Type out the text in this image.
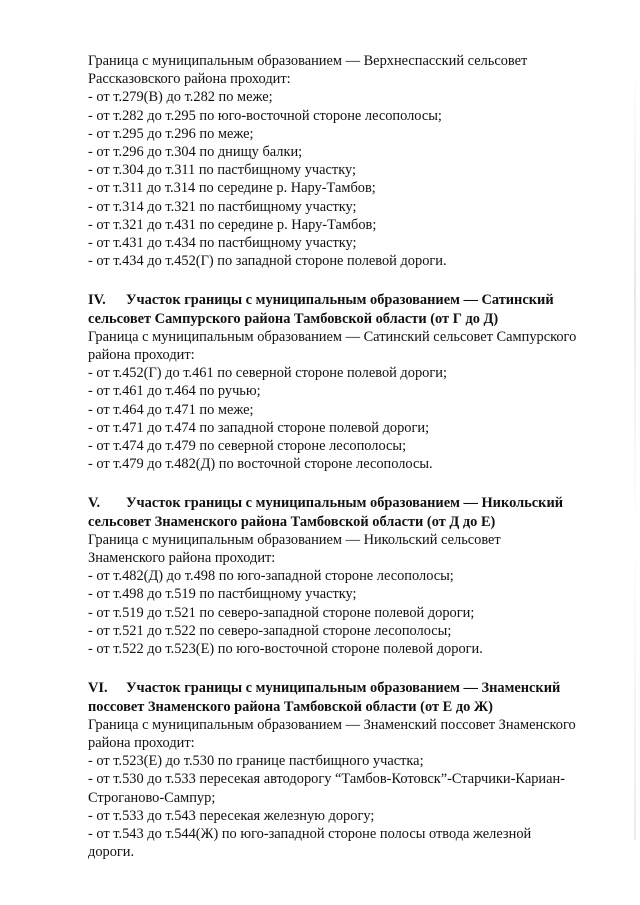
Граница с муниципальным образованием — Верхнеспасский сельсовет
Рассказовского района проходит:
- от т.279(В) до т.282 по меже;
- от т.282 до т.295 по юго-восточной стороне лесополосы;
- от т.295 до т.296 по меже;
- от т.296 до т.304 по днищу балки;
- от т.304 до т.311 по пастбищному участку;
- от т.311 до т.314 по середине р. Нару-Тамбов;
- от т.314 до т.321 по пастбищному участку;
- от т.321 до т.431 по середине р. Нару-Тамбов;
- от т.431 до т.434 по пастбищному участку;
- от т.434 до т.452(Г) по западной стороне полевой дороги.
IV. Участок границы с муниципальным образованием — Сатинский
сельсовет Сампурского района Тамбовской области (от Г до Д)
Граница с муниципальным образованием — Сатинский сельсовет Сампурского
района проходит:
- от т.452(Г) до т.461 по северной стороне полевой дороги;
- от т.461 до т.464 по ручью;
- от т.464 до т.471 по меже;
- от т.471 до т.474 по западной стороне полевой дороги;
- от т.474 до т.479 по северной стороне лесополосы;
- от т.479 до т.482(Д) по восточной стороне лесополосы.
V. Участок границы с муниципальным образованием — Никольский
сельсовет Знаменского района Тамбовской области (от Д до Е)
Граница с муниципальным образованием — Никольский сельсовет
Знаменского района проходит:
- от т.482(Д) до т.498 по юго-западной стороне лесополосы;
- от т.498 до т.519 по пастбищному участку;
- от т.519 до т.521 по северо-западной стороне полевой дороги;
- от т.521 до т.522 по северо-западной стороне лесополосы;
- от т.522 до т.523(Е) по юго-восточной стороне полевой дороги.
VI. Участок границы с муниципальным образованием — Знаменский
поссовет Знаменского района Тамбовской области (от Е до Ж)
Граница с муниципальным образованием — Знаменский поссовет Знаменского
района проходит:
- от т.523(Е) до т.530 по границе пастбищного участка;
- от т.530 до т.533 пересекая автодорогу “Тамбов-Котовск”-Старчики-Кариан-
Строганово-Сампур;
- от т.533 до т.543 пересекая железную дорогу;
- от т.543 до т.544(Ж) по юго-западной стороне полосы отвода железной
дороги.
